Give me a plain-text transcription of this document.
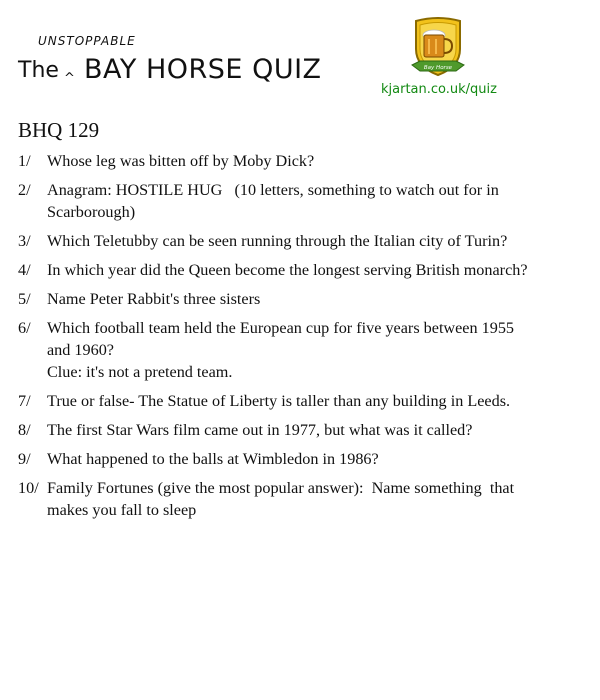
UNSTOPPABLE
The ^ BAY HORSE QUIZ	Bay Horse
kjartan.co.uk/quiz
BHQ 129
1/	Whose leg was bitten off by Moby Dick?
2/	Anagram: HOSTILE HUG   (10 letters, something to watch out for in Scarborough)
3/	Which Teletubby can be seen running through the Italian city of Turin?
4/	In which year did the Queen become the longest serving British monarch?
5/	Name Peter Rabbit's three sisters
6/	Which football team held the European cup for five years between 1955 and 1960?
Clue: it's not a pretend team.
7/	True or false- The Statue of Liberty is taller than any building in Leeds.
8/	The first Star Wars film came out in 1977, but what was it called?
9/	What happened to the balls at Wimbledon in 1986?
10/ Family Fortunes (give the most popular answer):  Name something  that makes you fall to sleep
